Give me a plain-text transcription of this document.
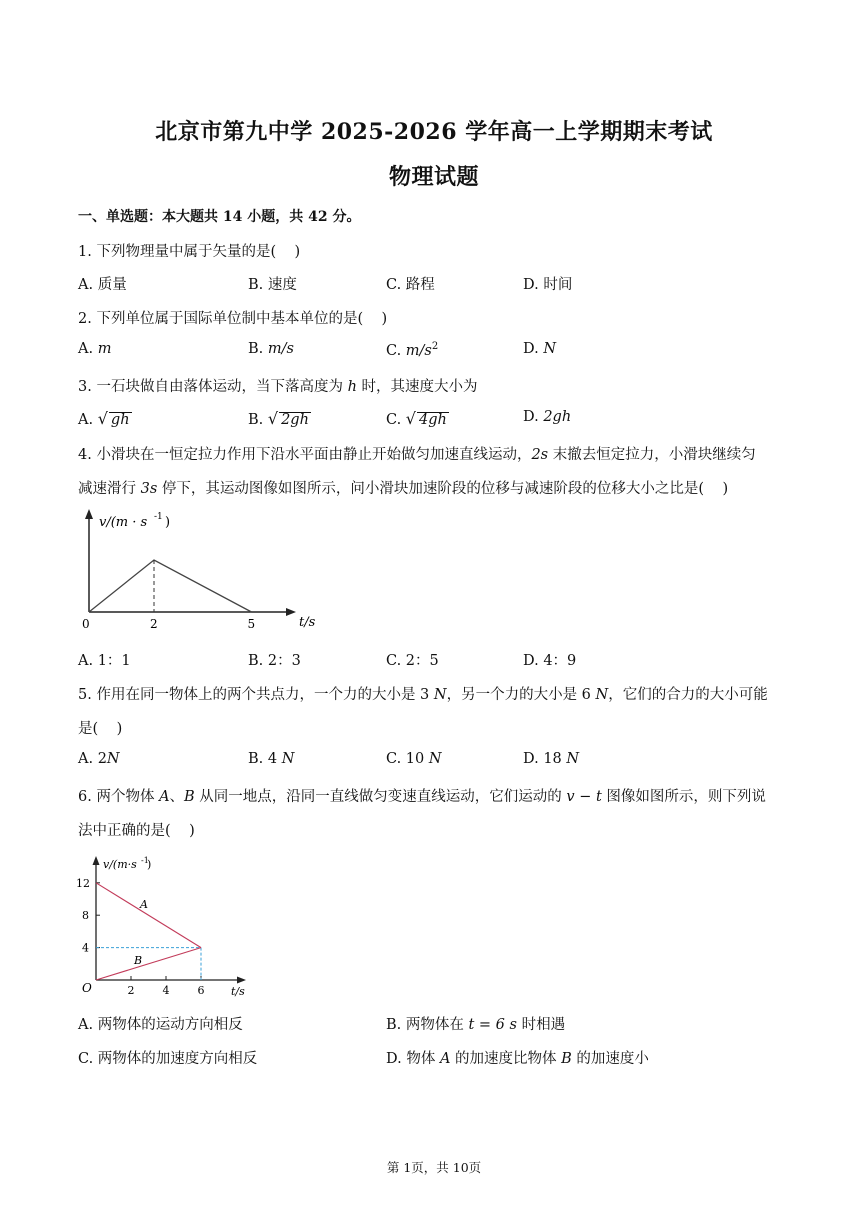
北京市第九中学 2025-2026 学年高一上学期期末考试
物理试题
一、单选题：本大题共 14 小题，共 42 分。
1. 下列物理量中属于矢量的是(    )
A. 质量	B. 速度	C. 路程	D. 时间
2. 下列单位属于国际单位制中基本单位的是(    )
A. m	B. m/s	C. $m/s^2$	D. N
3. 一石块做自由落体运动，当下落高度为 h 时，其速度大小为
A. √ gh	B. √ 2gh	C. √ 4gh	D. 2gh
4. 小滑块在一恒定拉力作用下沿水平面由静止开始做匀加速直线运动，2s 末撤去恒定拉力，小滑块继续匀
减速滑行 3s 停下，其运动图像如图所示，问小滑块加速阶段的位移与减速阶段的位移大小之比是(    )
v/(m · s -1 )
t/s
0	2	5
A. 1：1	B. 2：3	C. 2：5	D. 4：9
5. 作用在同一物体上的两个共点力，一个力的大小是 3 N，另一个力的大小是 6 N，它们的合力的大小可能
是(    )
A. 2N	B. 4 N	C. 10 N	D. 18 N
6. 两个物体 A、B 从同一地点，沿同一直线做匀变速直线运动，它们运动的 v − t 图像如图所示，则下列说
法中正确的是(    )
4
8
12
2	4	6
v/(m·s -1
)
t/s
O
A
B
A. 两物体的运动方向相反	B. 两物体在 t = 6 s 时相遇
C. 两物体的加速度方向相反	D. 物体 A 的加速度比物体 B 的加速度小
第 1页，共 10页
